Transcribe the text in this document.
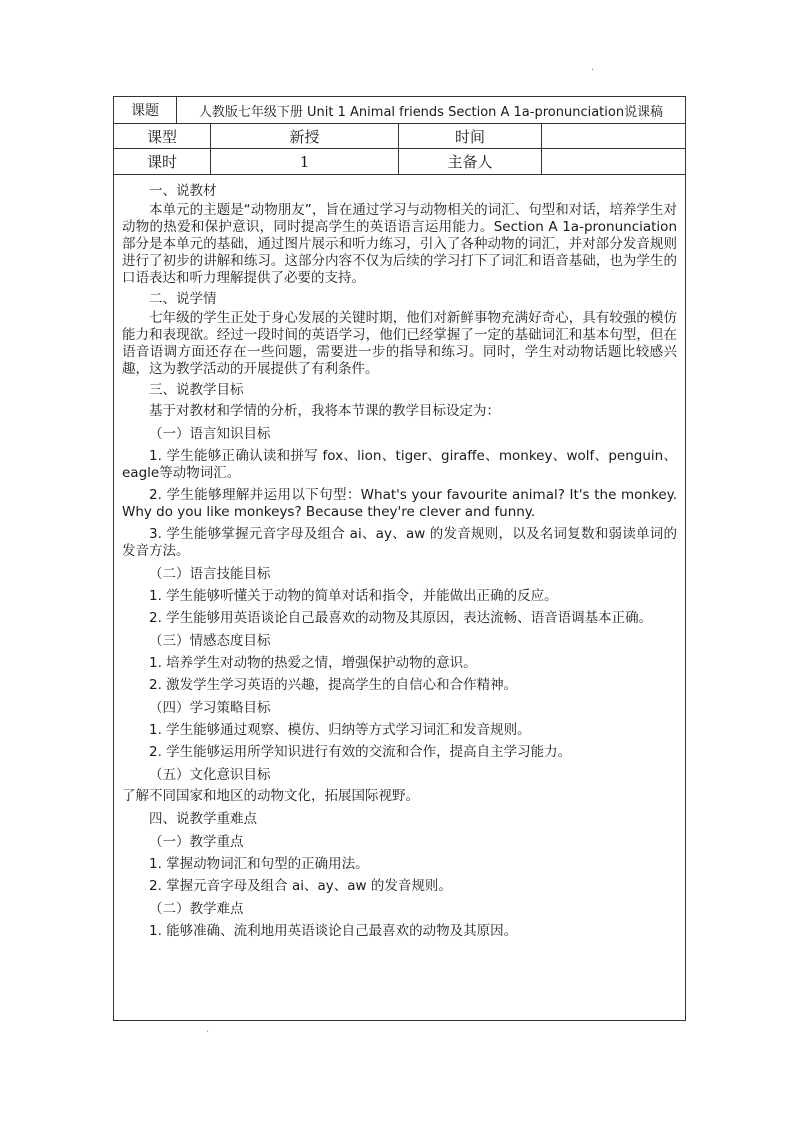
.
课题	人教版七年级下册 Unit 1 Animal friends Section A 1a-pronunciation说课稿
课型	新授	时间
课时	1	主备人

一、说教材

本单元的主题是“动物朋友”，旨在通过学习与动物相关的词汇、句型和对话，培养学生对动物的热爱和保护意识，同时提高学生的英语语言运用能力。Section A 1a-pronunciation 部分是本单元的基础，通过图片展示和听力练习，引入了各种动物的词汇，并对部分发音规则进行了初步的讲解和练习。这部分内容不仅为后续的学习打下了词汇和语音基础，也为学生的口语表达和听力理解提供了必要的支持。

二、说学情

七年级的学生正处于身心发展的关键时期，他们对新鲜事物充满好奇心，具有较强的模仿能力和表现欲。经过一段时间的英语学习，他们已经掌握了一定的基础词汇和基本句型，但在语音语调方面还存在一些问题，需要进一步的指导和练习。同时，学生对动物话题比较感兴趣，这为教学活动的开展提供了有利条件。

三、说教学目标

基于对教材和学情的分析，我将本节课的教学目标设定为：

（一）语言知识目标

1. 学生能够正确认读和拼写 fox、lion、tiger、giraffe、monkey、wolf、penguin、eagle等动物词汇。

2. 学生能够理解并运用以下句型：What's your favourite animal? It's the monkey. Why do you like monkeys? Because they're clever and funny.

3. 学生能够掌握元音字母及组合 ai、ay、aw 的发音规则，以及名词复数和弱读单词的发音方法。

（二）语言技能目标

1. 学生能够听懂关于动物的简单对话和指令，并能做出正确的反应。

2. 学生能够用英语谈论自己最喜欢的动物及其原因，表达流畅、语音语调基本正确。

（三）情感态度目标

1. 培养学生对动物的热爱之情，增强保护动物的意识。

2. 激发学生学习英语的兴趣，提高学生的自信心和合作精神。

（四）学习策略目标

1. 学生能够通过观察、模仿、归纳等方式学习词汇和发音规则。

2. 学生能够运用所学知识进行有效的交流和合作，提高自主学习能力。

（五）文化意识目标

了解不同国家和地区的动物文化，拓展国际视野。

四、说教学重难点

（一）教学重点

1. 掌握动物词汇和句型的正确用法。

2. 掌握元音字母及组合 ai、ay、aw 的发音规则。

（二）教学难点

1. 能够准确、流利地用英语谈论自己最喜欢的动物及其原因。

.
